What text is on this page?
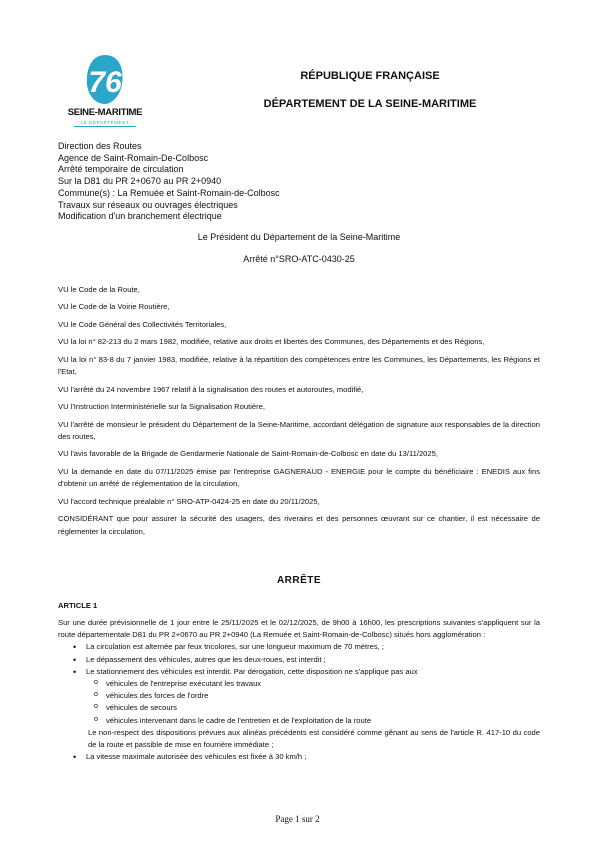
76
SEINE-MARITIME
LE DÉPARTEMENT
RÉPUBLIQUE FRANÇAISE
DÉPARTEMENT DE LA SEINE-MARITIME
Direction des Routes
Agence de Saint-Romain-De-Colbosc
Arrêté temporaire de circulation
Sur la D81 du PR 2+0670 au PR 2+0940
Commune(s) : La Remuée et Saint-Romain-de-Colbosc
Travaux sur réseaux ou ouvrages électriques
Modification d'un branchement électrique
Le Président du Département de la Seine-Maritime
Arrêté n°SRO-ATC-0430-25
VU le Code de la Route,
VU le Code de la Voirie Routière,
VU le Code Général des Collectivités Territoriales,
VU la loi n° 82-213 du 2 mars 1982, modifiée, relative aux droits et libertés des Communes, des Départements et des Régions,
VU la loi n° 83-8 du 7 janvier 1983, modifiée, relative à la répartition des compétences entre les Communes, les Départements, les Régions et l'Etat,
VU l'arrêté du 24 novembre 1967 relatif à la signalisation des routes et autoroutes, modifié,
VU l'Instruction Interministérielle sur la Signalisation Routière,
VU l'arrêté de monsieur le président du Département de la Seine-Maritime, accordant délégation de signature aux responsables de la direction des routes,
VU l'avis favorable de la Brigade de Gendarmerie Nationale de Saint-Romain-de-Colbosc en date du 13/11/2025,
VU la demande en date du 07/11/2025 émise par l'entreprise GAGNERAUD - ENERGIE pour le compte du bénéficiaire : ENEDIS aux fins d'obtenir un arrêté de réglementation de la circulation,
VU l'accord technique préalable n° SRO-ATP-0424-25 en date du 20/11/2025,
CONSIDÉRANT que pour assurer la sécurité des usagers, des riverains et des personnes œuvrant sur ce chantier, il est nécessaire de réglementer la circulation,
ARRÊTE
ARTICLE 1
Sur une durée prévisionnelle de 1 jour entre le 25/11/2025 et le 02/12/2025, de 9h00 à 16h00, les prescriptions suivantes s'appliquent sur la route départementale D81 du PR 2+0670 au PR 2+0940 (La Remuée et Saint-Romain-de-Colbosc) situés hors agglomération :
• La circulation est alternée par feux tricolores, sur une longueur maximum de 70 mètres, ;
• Le dépassement des véhicules, autres que les deux-roues, est interdit ;
• Le stationnement des véhicules est interdit. Par dérogation, cette disposition ne s'applique pas aux
o véhicules de l'entreprise exécutant les travaux
o véhicules des forces de l'ordre
o véhicules de secours
o véhicules intervenant dans le cadre de l'entretien et de l'exploitation de la route
Le non-respect des dispositions prévues aux alinéas précédents est considéré comme gênant au sens de l'article R. 417-10 du code de la route et passible de mise en fourrière immédiate ;
• La vitesse maximale autorisée des véhicules est fixée à 30 km/h ;
Page 1 sur 2
